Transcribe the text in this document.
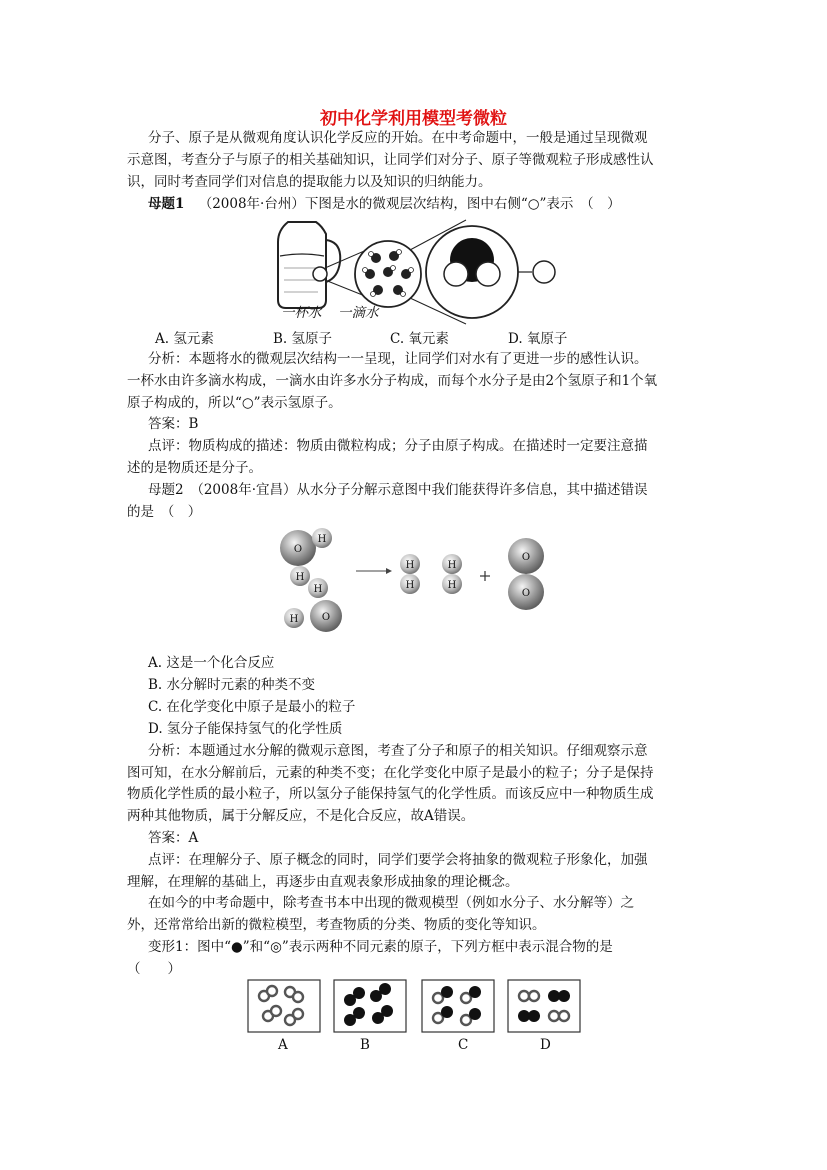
初中化学利用模型考微粒
分子、原子是从微观角度认识化学反应的开始。在中考命题中，一般是通过呈现微观
示意图，考查分子与原子的相关基础知识，让同学们对分子、原子等微观粒子形成感性认
识，同时考查同学们对信息的提取能力以及知识的归纳能力。
母题1 （2008年·台州）下图是水的微观层次结构，图中右侧“○”表示　（　）
一杯水 一滴水
A. 氢元素	B. 氢原子	C. 氧元素	D. 氧原子
分析：本题将水的微观层次结构一一呈现，让同学们对水有了更进一步的感性认识。
一杯水由许多滴水构成，一滴水由许多水分子构成，而每个水分子是由2个氢原子和1个氧
原子构成的，所以“○”表示氢原子。
答案：B
点评：物质构成的描述：物质由微粒构成；分子由原子构成。在描述时一定要注意描
述的是物质还是分子。
母题2　（2008年·宜昌）从水分子分解示意图中我们能获得许多信息，其中描述错误
的是　（　）
O
H
H
H
O
H
H
H
H
H
O
O
A. 这是一个化合反应
B. 水分解时元素的种类不变
C. 在化学变化中原子是最小的粒子
D. 氢分子能保持氢气的化学性质
分析：本题通过水分解的微观示意图，考查了分子和原子的相关知识。仔细观察示意
图可知，在水分解前后，元素的种类不变；在化学变化中原子是最小的粒子；分子是保持
物质化学性质的最小粒子，所以氢分子能保持氢气的化学性质。而该反应中一种物质生成
两种其他物质，属于分解反应，不是化合反应，故A错误。
答案：A
点评：在理解分子、原子概念的同时，同学们要学会将抽象的微观粒子形象化，加强
理解，在理解的基础上，再逐步由直观表象形成抽象的理论概念。
在如今的中考命题中，除考查书本中出现的微观模型（例如水分子、水分解等）之
外，还常常给出新的微粒模型，考查物质的分类、物质的变化等知识。
变形1：图中“●”和“◎”表示两种不同元素的原子，下列方框中表示混合物的是
（　　）
A	B	C	D
